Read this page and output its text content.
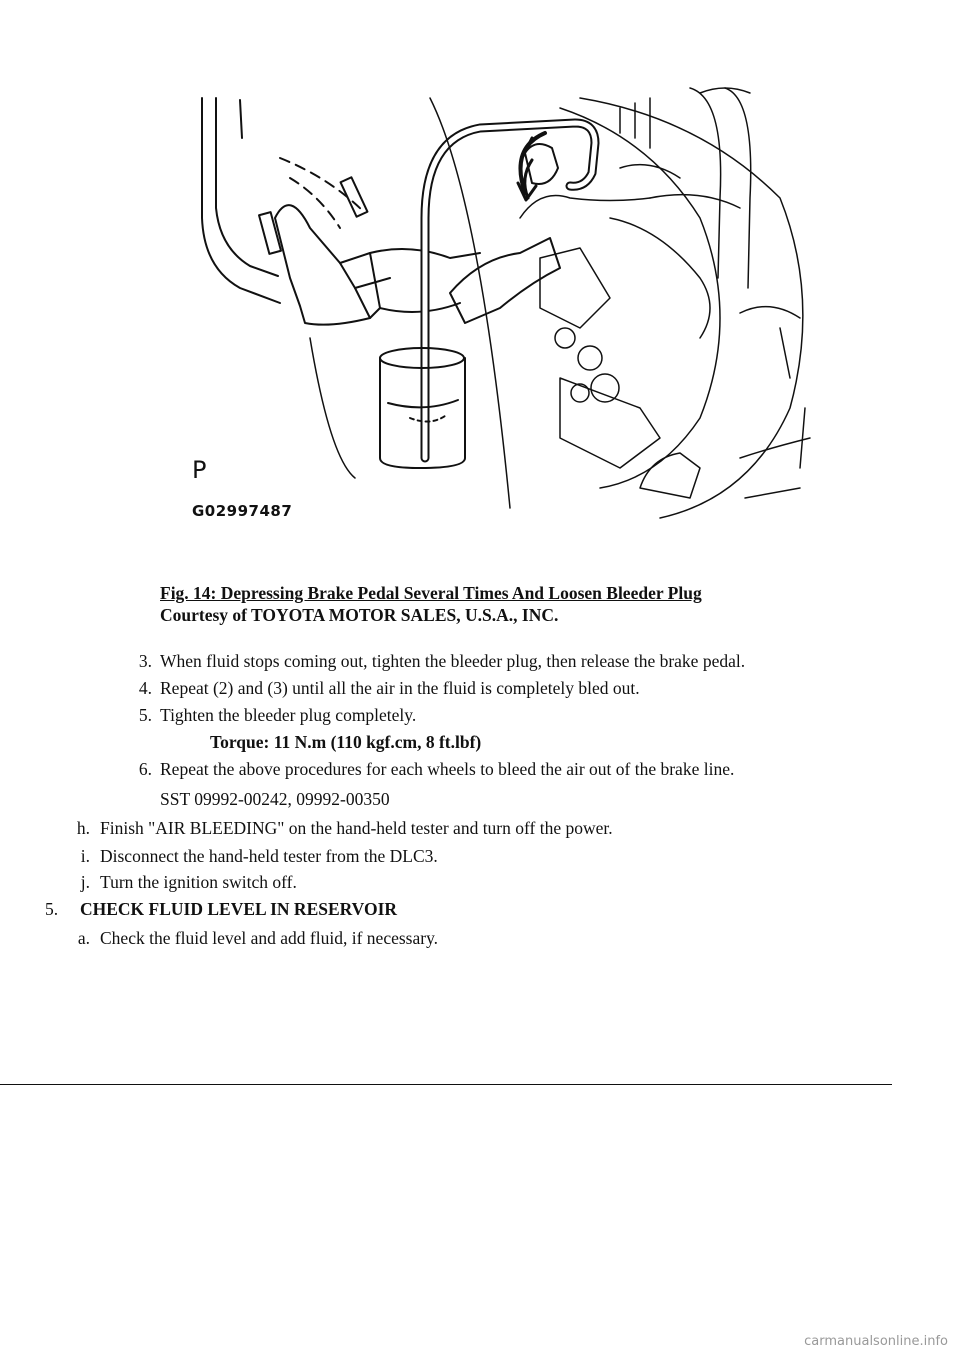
P
G02997487
Fig. 14: Depressing Brake Pedal Several Times And Loosen Bleeder Plug
Courtesy of TOYOTA MOTOR SALES, U.S.A., INC.
3. When fluid stops coming out, tighten the bleeder plug, then release the brake pedal.
4. Repeat (2) and (3) until all the air in the fluid is completely bled out.
5. Tighten the bleeder plug completely.
Torque: 11 N.m (110 kgf.cm, 8 ft.lbf)
6. Repeat the above procedures for each wheels to bleed the air out of the brake line.
SST 09992-00242, 09992-00350
h. Finish "AIR BLEEDING" on the hand-held tester and turn off the power.
i. Disconnect the hand-held tester from the DLC3.
j. Turn the ignition switch off.
5. CHECK FLUID LEVEL IN RESERVOIR
a. Check the fluid level and add fluid, if necessary.
carmanualsonline.info
